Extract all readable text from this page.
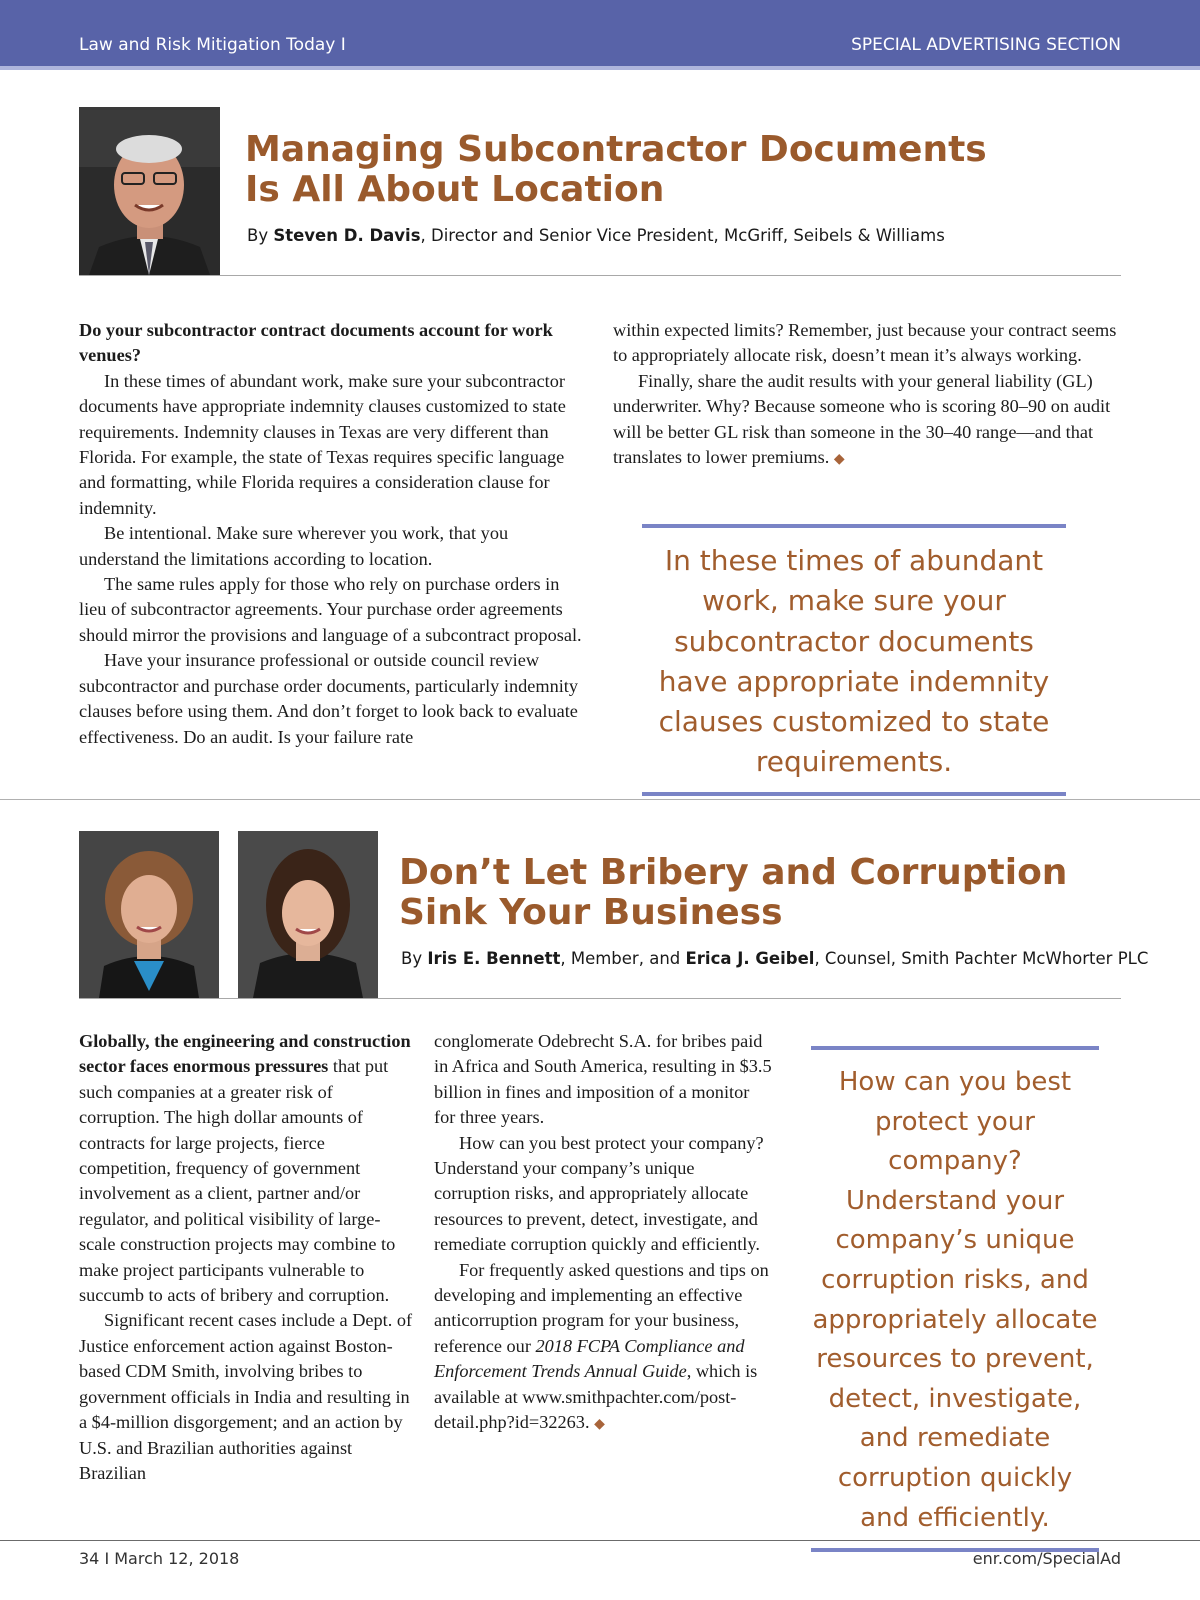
Law and Risk Mitigation Today I	SPECIAL ADVERTISING SECTION
Managing Subcontractor Documents
Is All About Location
By Steven D. Davis, Director and Senior Vice President, McGriff, Seibels & Williams

Do your subcontractor contract documents account for work venues?

In these times of abundant work, make sure your subcontractor documents have appropriate indemnity clauses customized to state requirements. Indemnity clauses in Texas are very different than Florida. For example, the state of Texas requires specific language and formatting, while Florida requires a consideration clause for indemnity.

Be intentional. Make sure wherever you work, that you understand the limitations according to location.

The same rules apply for those who rely on purchase orders in lieu of subcontractor agreements. Your purchase order agreements should mirror the provisions and language of a subcontract proposal.

Have your insurance professional or outside council review subcontractor and purchase order documents, particularly indemnity clauses before using them. And don’t forget to look back to evaluate effectiveness. Do an audit. Is your failure rate

within expected limits? Remember, just because your contract seems to appropriately allocate risk, doesn’t mean it’s always working.

Finally, share the audit results with your general liability (GL) underwriter. Why? Because someone who is scoring 80–90 on audit will be better GL risk than someone in the 30–40 range—and that translates to lower premiums. ◆

In these times of abundant work, make sure your subcontractor documents have appropriate indemnity clauses customized to state requirements.
Don’t Let Bribery and Corruption
Sink Your Business
By Iris E. Bennett, Member, and Erica J. Geibel, Counsel, Smith Pachter McWhorter PLC

Globally, the engineering and construction sector faces enormous pressures that put such companies at a greater risk of corruption. The high dollar amounts of contracts for large projects, fierce competition, frequency of government involvement as a client, partner and/or regulator, and political visibility of large-scale construction projects may combine to make project participants vulnerable to succumb to acts of bribery and corruption.

Significant recent cases include a Dept. of Justice enforcement action against Boston-based CDM Smith, involving bribes to government officials in India and resulting in a $4-million disgorgement; and an action by U.S. and Brazilian authorities against Brazilian

conglomerate Odebrecht S.A. for bribes paid in Africa and South America, resulting in $3.5 billion in fines and imposition of a monitor for three years.

How can you best protect your company? Understand your company’s unique corruption risks, and appropriately allocate resources to prevent, detect, investigate, and remediate corruption quickly and efficiently.

For frequently asked questions and tips on developing and implementing an effective anticorruption program for your business, reference our 2018 FCPA Compliance and Enforcement Trends Annual Guide, which is available at www.smithpachter.com/post-detail.php?id=32263. ◆

How can you best protect your company? Understand your company’s unique corruption risks, and appropriately allocate resources to prevent, detect, investigate, and remediate corruption quickly and efficiently.
34 I March 12, 2018	enr.com/SpecialAd
